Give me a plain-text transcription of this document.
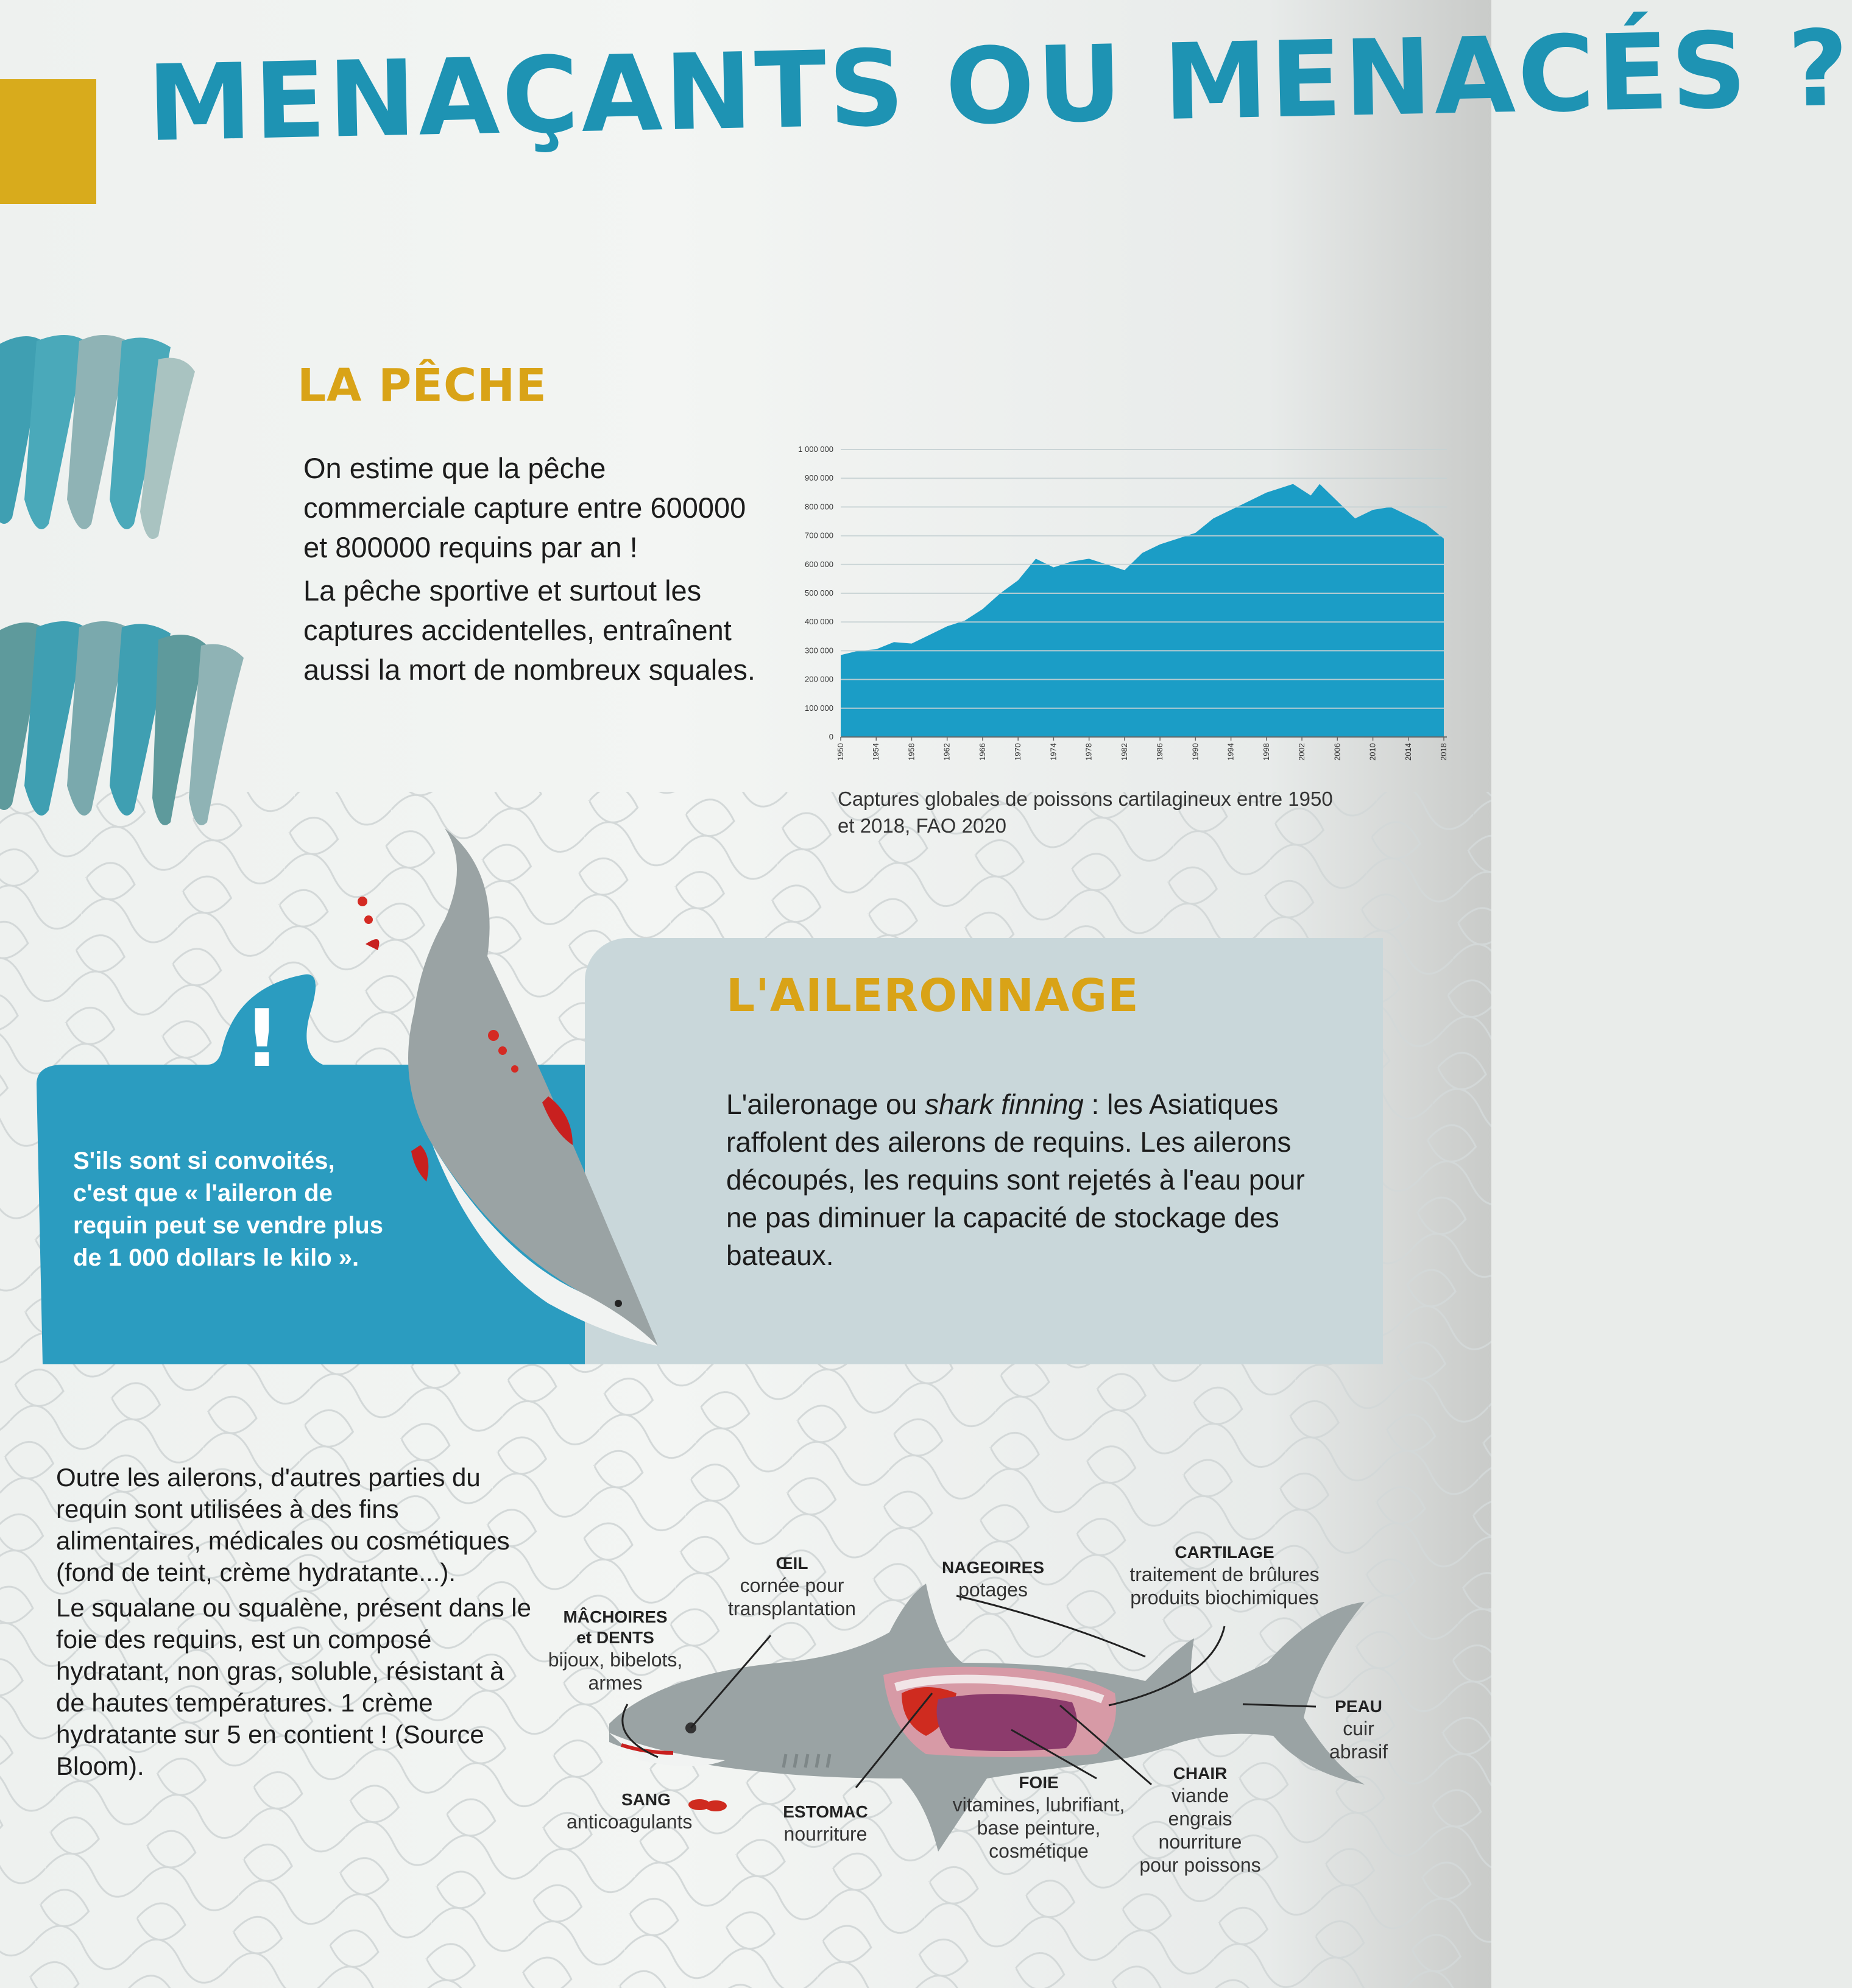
MENAÇANTS OU MENACÉS ?
LA PÊCHE

On estime que la pêche commerciale capture entre 600000 et 800000 requins par an !

La pêche sportive et surtout les captures accidentelles, entraînent aussi la mort de nombreux squales.

0
100 000
200 000
300 000
400 000
500 000
600 000
700 000
800 000
900 000
1 000 000
1950	1954	1958	1962	1966	1970	1974	1978	1982	1986	1990	1994	1998	2002	2006	2010	2014	2018
Captures globales de poissons cartilagineux entre 1950 et 2018, FAO 2020
!
S'ils sont si convoités, c'est que « l'aileron de requin peut se vendre plus de 1 000 dollars le kilo ».
L'AILERONNAGE
L'aileronage ou shark finning : les Asiatiques raffolent des ailerons de requins. Les ailerons découpés, les requins sont rejetés à l'eau pour ne pas diminuer la capacité de stockage des bateaux.

Outre les ailerons, d'autres parties du requin sont utilisées à des fins alimentaires, médicales ou cosmétiques (fond de teint, crème hydratante...).

Le squalane ou squalène, présent dans le foie des requins, est un composé hydratant, non gras, soluble, résistant à de hautes températures. 1 crème hydratante sur 5 en contient ! (Source Bloom).

ŒIL
cornée pour
transplantation
NAGEOIRES
potages
CARTILAGE
traitement de brûlures
produits biochimiques
MÂCHOIRES
et DENTS
bijoux, bibelots,
armes
PEAU
cuir
abrasif
CHAIR
viande
engrais
nourriture
pour poissons
FOIE
vitamines, lubrifiant,
base peinture,
cosmétique
ESTOMAC
nourriture
SANG
anticoagulants
